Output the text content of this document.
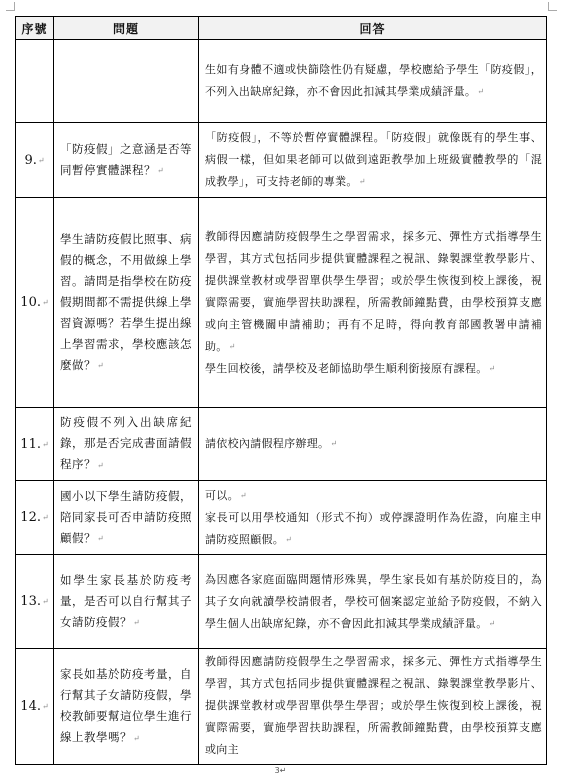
序號	問題	回答

		生如有身體不適或快篩陰性仍有疑慮，學校應給予學生「防疫假」，不列入出缺席紀錄，亦不會因此扣減其學業成績評量。↵

9.↵	「防疫假」之意涵是否等同暫停實體課程？↵	「防疫假」，不等於暫停實體課程。「防疫假」就像既有的學生事、病假一樣，但如果老師可以做到遠距教學加上班級實體教學的「混成教學」，可支持老師的專業。↵

10.↵	學生請防疫假比照事、病假的概念，不用做線上學習。請問是指學校在防疫假期間都不需提供線上學習資源嗎？若學生提出線上學習需求，學校應該怎麼做？↵	教師得因應請防疫假學生之學習需求，採多元、彈性方式指導學生學習，其方式包括同步提供實體課程之視訊、錄製課堂教學影片、提供課堂教材或學習單供學生學習；或於學生恢復到校上課後，視實際需要，實施學習扶助課程，所需教師鐘點費，由學校預算支應或向主管機關申請補助；再有不足時，得向教育部國教署申請補助。↵

學生回校後，請學校及老師協助學生順利銜接原有課程。↵

11.↵	防疫假不列入出缺席紀錄，那是否完成書面請假程序？↵	請依校內請假程序辦理。↵

12.↵	國小以下學生請防疫假，陪同家長可否申請防疫照顧假？↵	可以。↵

家長可以用學校通知（形式不拘）或停課證明作為佐證，向雇主申請防疫照顧假。↵

13.↵	如學生家長基於防疫考量，是否可以自行幫其子女請防疫假？↵	為因應各家庭面臨問題情形殊異，學生家長如有基於防疫目的，為其子女向就讀學校請假者，學校可個案認定並給予防疫假，不納入學生個人出缺席紀錄，亦不會因此扣減其學業成績評量。↵

14.↵	家長如基於防疫考量，自行幫其子女請防疫假，學校教師要幫這位學生進行線上教學嗎？↵	教師得因應請防疫假學生之學習需求，採多元、彈性方式指導學生學習，其方式包括同步提供實體課程之視訊、錄製課堂教學影片、提供課堂教材或學習單供學生學習；或於學生恢復到校上課後，視實際需要，實施學習扶助課程，所需教師鐘點費，由學校預算支應或向主

3↵
